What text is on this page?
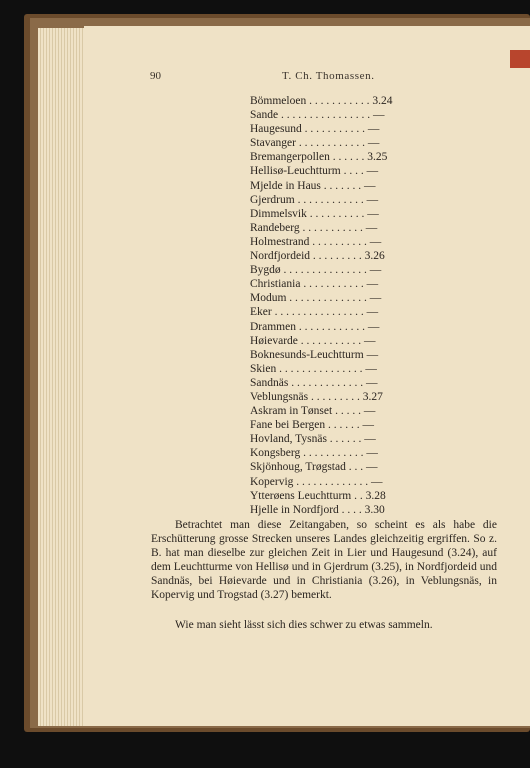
90	T. Ch. Thomassen.
Bömmeloen . . . . . . . . . . . 3.24
Sande . . . . . . . . . . . . . . . . —
Haugesund . . . . . . . . . . . —
Stavanger . . . . . . . . . . . . —
Bremangerpollen . . . . . . 3.25
Hellisø-Leuchtturm . . . . —
Mjelde in Haus . . . . . . . —
Gjerdrum . . . . . . . . . . . . —
Dimmelsvik . . . . . . . . . . —
Randeberg . . . . . . . . . . . —
Holmestrand . . . . . . . . . . —
Nordfjordeid . . . . . . . . . 3.26
Bygdø . . . . . . . . . . . . . . . —
Christiania . . . . . . . . . . . —
Modum . . . . . . . . . . . . . . —
Eker . . . . . . . . . . . . . . . . —
Drammen . . . . . . . . . . . . —
Høievarde . . . . . . . . . . . —
Boknesunds-Leuchtturm —
Skien . . . . . . . . . . . . . . . —
Sandnäs . . . . . . . . . . . . . —
Veblungsnäs . . . . . . . . . 3.27
Askram in Tønset . . . . . —
Fane bei Bergen . . . . . . —
Hovland, Tysnäs . . . . . . —
Kongsberg . . . . . . . . . . . —
Skjönhoug, Trøgstad . . . —
Kopervig . . . . . . . . . . . . . —
Ytterøens Leuchtturm . . 3.28
Hjelle in Nordfjord . . . . 3.30

Betrachtet man diese Zeitangaben, so scheint es als habe die Erschütterung grosse Strecken unseres Landes gleichzeitig ergriffen. So z. B. hat man dieselbe zur gleichen Zeit in Lier und Haugesund (3.24), auf dem Leuchtturme von Hellisø und in Gjerdrum (3.25), in Nordfjordeid und Sandnäs, bei Høievarde und in Christiania (3.26), in Veblungsnäs, in Kopervig und Trogstad (3.27) bemerkt.

Wie man sieht lässt sich dies schwer zu etwas sammeln.
